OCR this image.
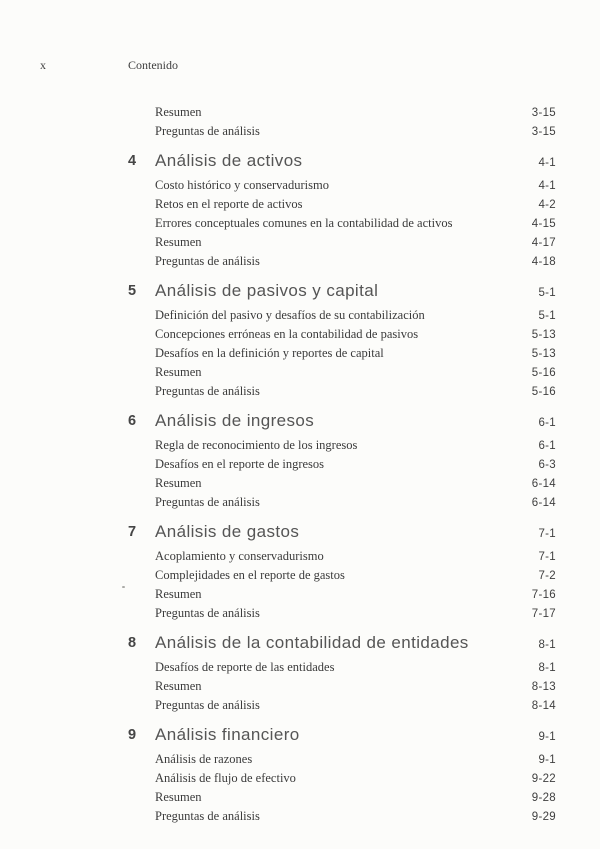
x	Contenido
Resumen	3-15
Preguntas de análisis	3-15
4 Análisis de activos	4-1
Costo histórico y conservadurismo	4-1
Retos en el reporte de activos	4-2
Errores conceptuales comunes en la contabilidad de activos	4-15
Resumen	4-17
Preguntas de análisis	4-18
5 Análisis de pasivos y capital	5-1
Definición del pasivo y desafíos de su contabilización	5-1
Concepciones erróneas en la contabilidad de pasivos	5-13
Desafíos en la definición y reportes de capital	5-13
Resumen	5-16
Preguntas de análisis	5-16
6 Análisis de ingresos	6-1
Regla de reconocimiento de los ingresos	6-1
Desafíos en el reporte de ingresos	6-3
Resumen	6-14
Preguntas de análisis	6-14
7 Análisis de gastos	7-1
Acoplamiento y conservadurismo	7-1
Complejidades en el reporte de gastos	7-2
Resumen	7-16
Preguntas de análisis	7-17
8 Análisis de la contabilidad de entidades	8-1
Desafíos de reporte de las entidades	8-1
Resumen	8-13
Preguntas de análisis	8-14
9 Análisis financiero	9-1
Análisis de razones	9-1
Análisis de flujo de efectivo	9-22
Resumen	9-28
Preguntas de análisis	9-29
